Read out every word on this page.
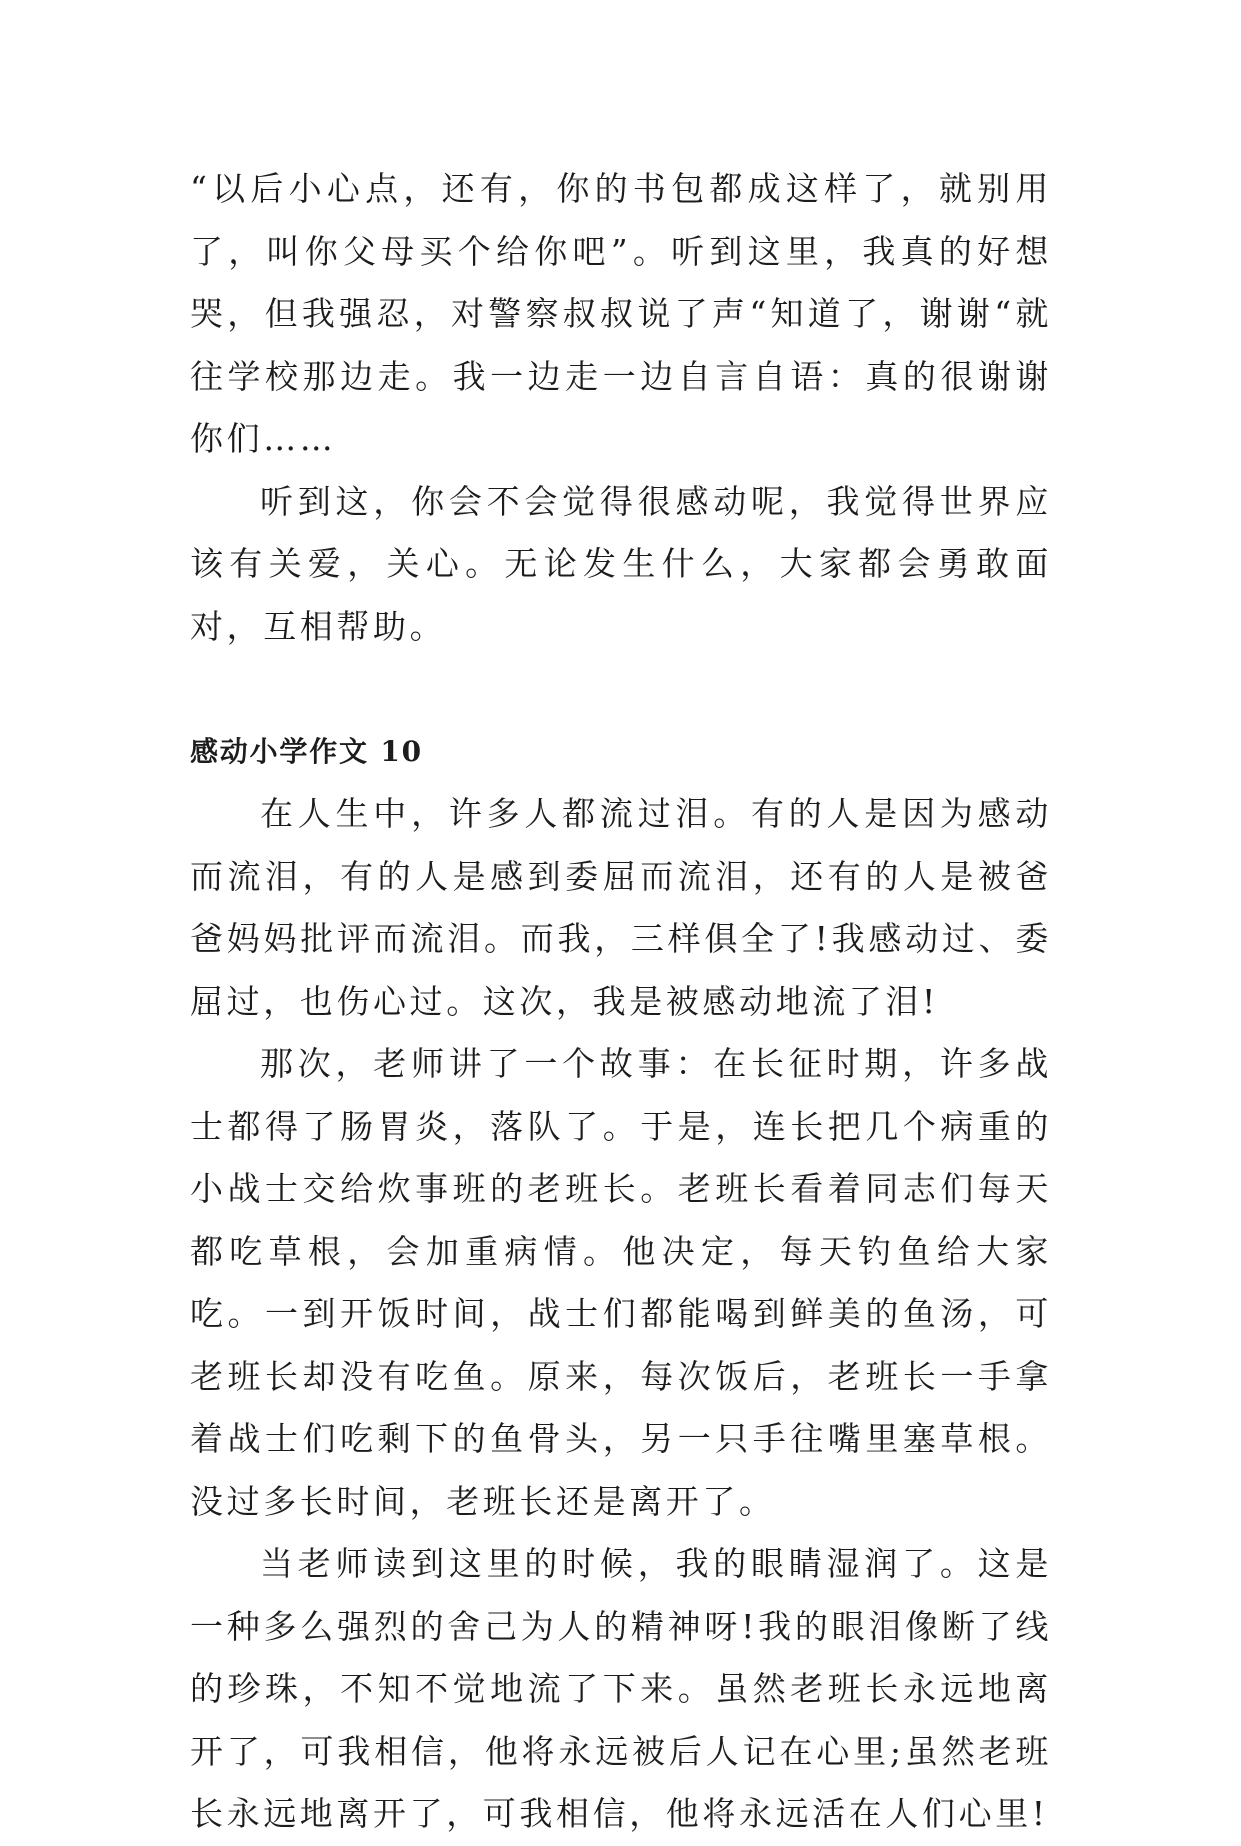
“以后小心点，还有，你的书包都成这样了，就别用了，叫你父母买个给你吧”。听到这里，我真的好想哭，但我强忍，对警察叔叔说了声“知道了，谢谢“就往学校那边走。我一边走一边自言自语：真的很谢谢你们……

听到这，你会不会觉得很感动呢，我觉得世界应该有关爱，关心。无论发生什么，大家都会勇敢面对，互相帮助。

感动小学作文 10

在人生中，许多人都流过泪。有的人是因为感动而流泪，有的人是感到委屈而流泪，还有的人是被爸爸妈妈批评而流泪。而我，三样俱全了!我感动过、委屈过，也伤心过。这次，我是被感动地流了泪!

那次，老师讲了一个故事：在长征时期，许多战士都得了肠胃炎，落队了。于是，连长把几个病重的小战士交给炊事班的老班长。老班长看着同志们每天都吃草根，会加重病情。他决定，每天钓鱼给大家吃。一到开饭时间，战士们都能喝到鲜美的鱼汤，可老班长却没有吃鱼。原来，每次饭后，老班长一手拿着战士们吃剩下的鱼骨头，另一只手往嘴里塞草根。没过多长时间，老班长还是离开了。

当老师读到这里的时候，我的眼睛湿润了。这是一种多么强烈的舍己为人的精神呀!我的眼泪像断了线的珍珠，不知不觉地流了下来。虽然老班长永远地离开了，可我相信，他将永远被后人记在心里;虽然老班长永远地离开了，可我相信，他将永远活在人们心里!
